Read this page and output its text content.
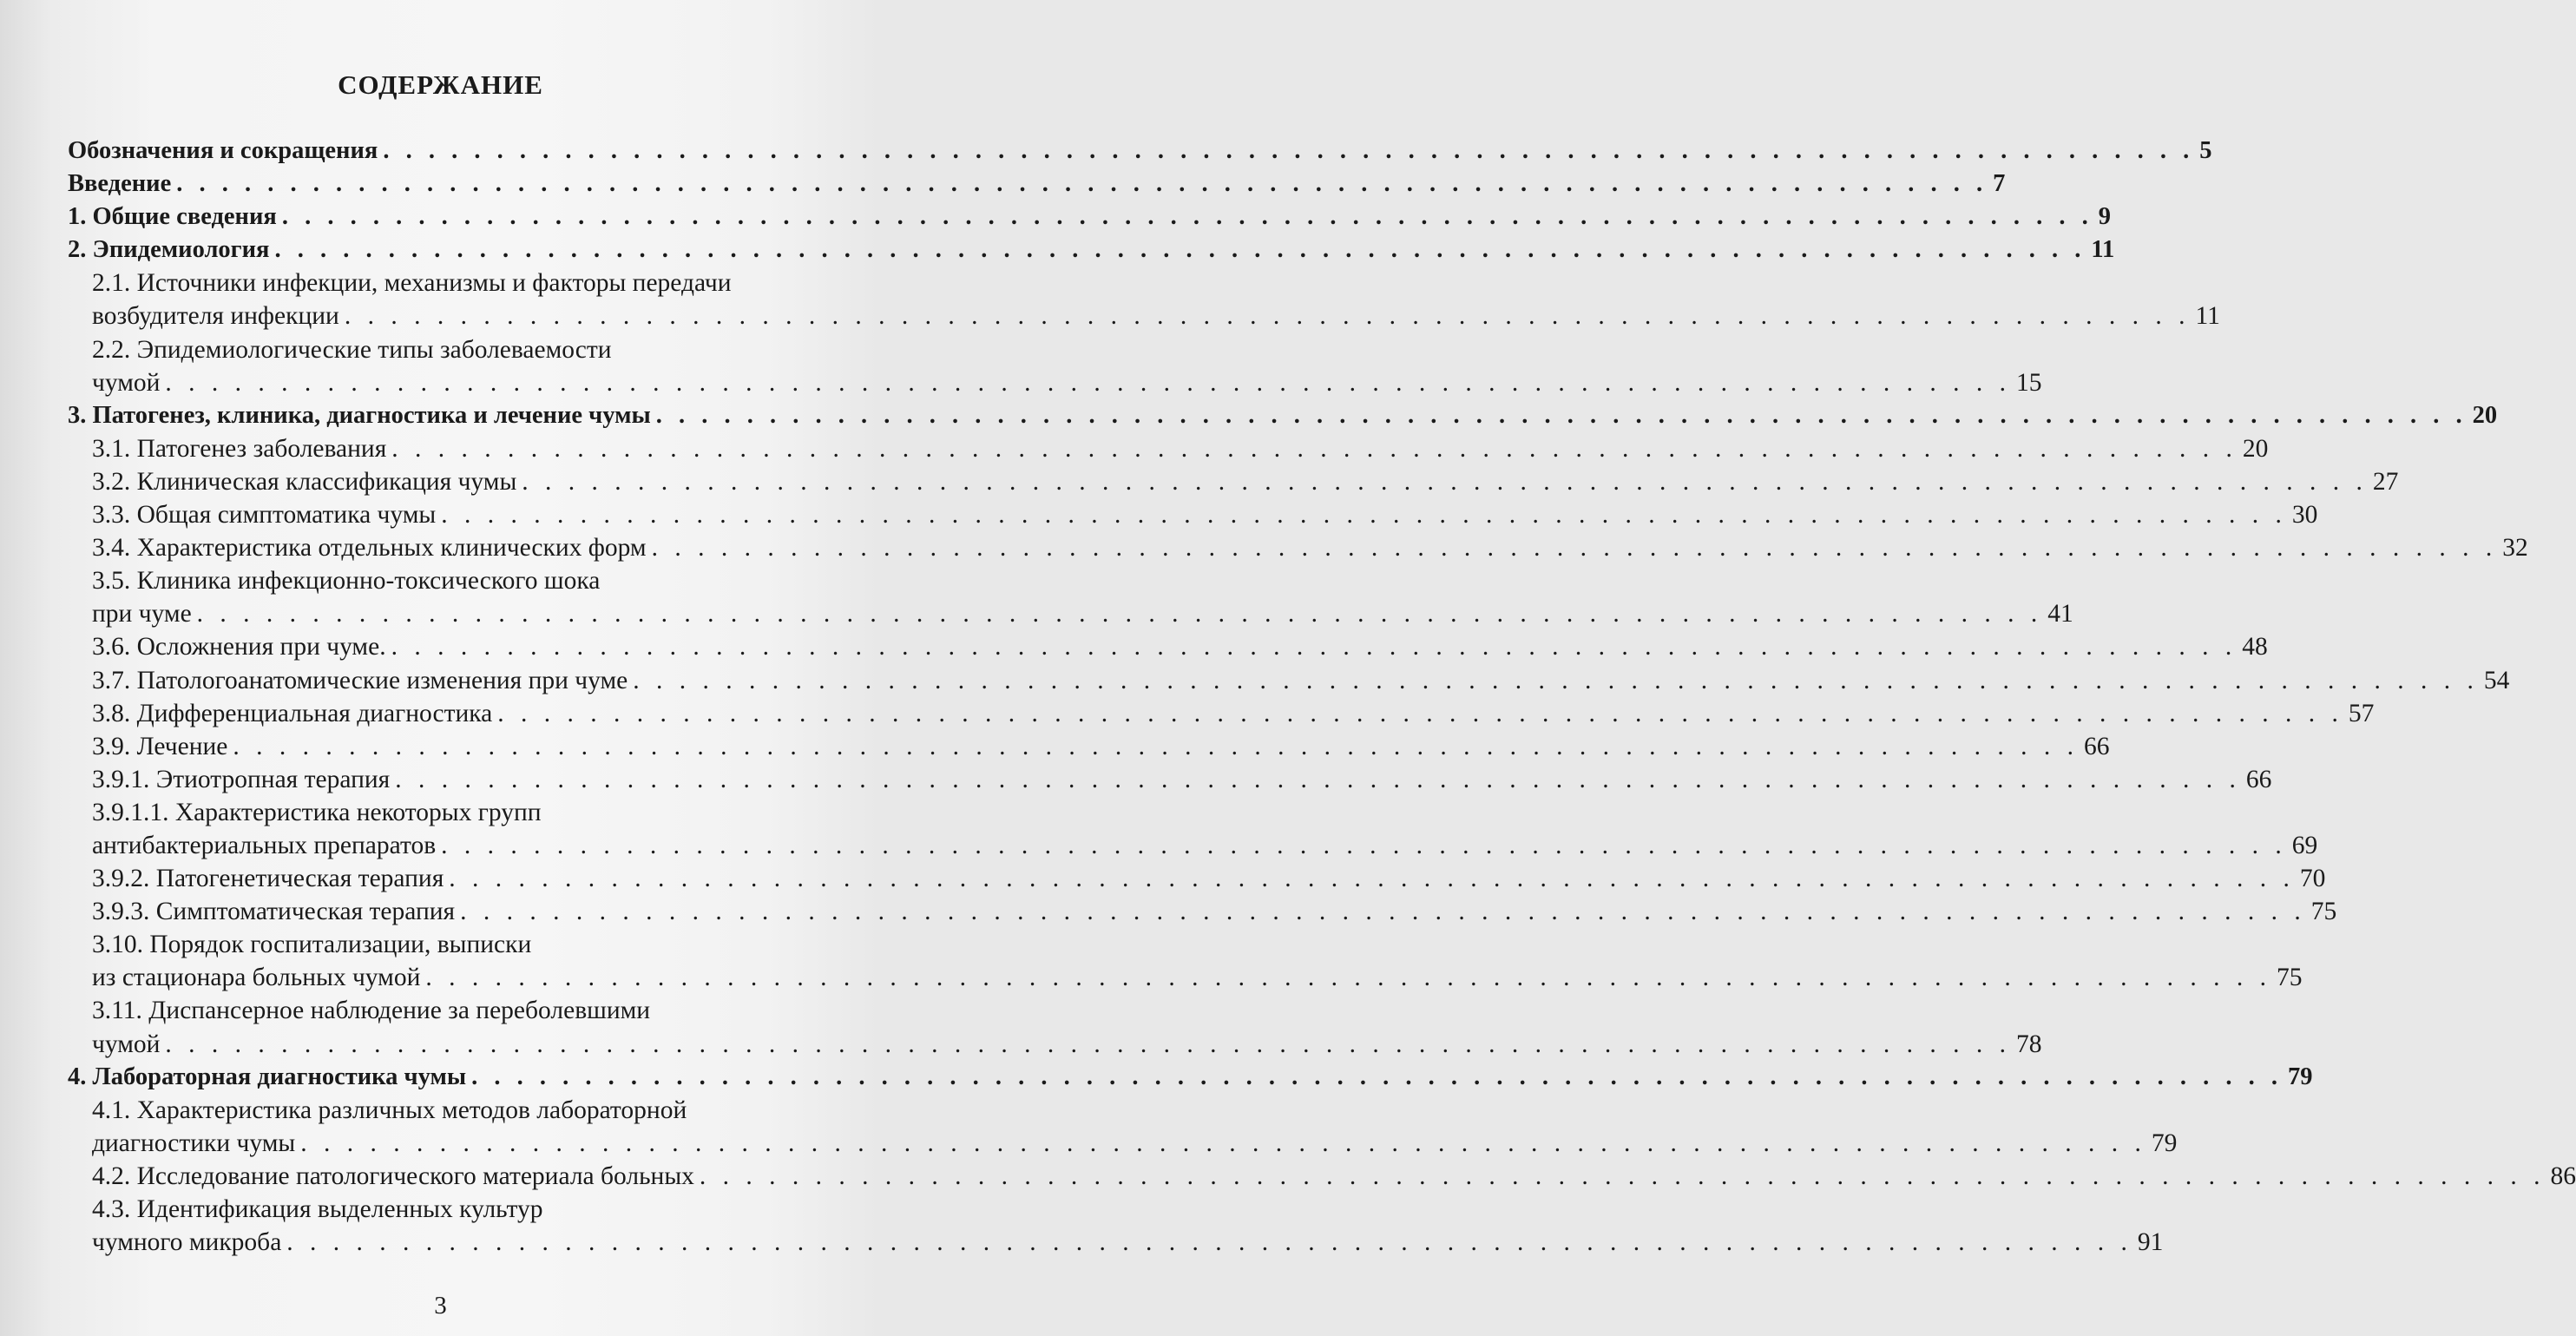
СОДЕРЖАНИЕ
Обозначения и сокращения . . . . . . . . . . . . . . . . . . . . . . . . . . . . . . . . . . . . . . . . . . . . . . . . . . . . . . . . . . . . . . . . . . . . . . . . . . . . . . . . 5
Введение . . . . . . . . . . . . . . . . . . . . . . . . . . . . . . . . . . . . . . . . . . . . . . . . . . . . . . . . . . . . . . . . . . . . . . . . . . . . . . . . 7
1. Общие сведения . . . . . . . . . . . . . . . . . . . . . . . . . . . . . . . . . . . . . . . . . . . . . . . . . . . . . . . . . . . . . . . . . . . . . . . . . . . . . . . . 9
2. Эпидемиология . . . . . . . . . . . . . . . . . . . . . . . . . . . . . . . . . . . . . . . . . . . . . . . . . . . . . . . . . . . . . . . . . . . . . . . . . . . . . . . . 11
2.1. Источники инфекции, механизмы и факторы передачи
возбудителя инфекции . . . . . . . . . . . . . . . . . . . . . . . . . . . . . . . . . . . . . . . . . . . . . . . . . . . . . . . . . . . . . . . . . . . . . . . . . . . . . . . . 11
2.2. Эпидемиологические типы заболеваемости
чумой . . . . . . . . . . . . . . . . . . . . . . . . . . . . . . . . . . . . . . . . . . . . . . . . . . . . . . . . . . . . . . . . . . . . . . . . . . . . . . . . 15
3. Патогенез, клиника, диагностика и лечение чумы . . . . . . . . . . . . . . . . . . . . . . . . . . . . . . . . . . . . . . . . . . . . . . . . . . . . . . . . . . . . . . . . . . . . . . . . . . . . . . . . 20
3.1. Патогенез заболевания . . . . . . . . . . . . . . . . . . . . . . . . . . . . . . . . . . . . . . . . . . . . . . . . . . . . . . . . . . . . . . . . . . . . . . . . . . . . . . . . 20
3.2. Клиническая классификация чумы . . . . . . . . . . . . . . . . . . . . . . . . . . . . . . . . . . . . . . . . . . . . . . . . . . . . . . . . . . . . . . . . . . . . . . . . . . . . . . . . 27
3.3. Общая симптоматика чумы . . . . . . . . . . . . . . . . . . . . . . . . . . . . . . . . . . . . . . . . . . . . . . . . . . . . . . . . . . . . . . . . . . . . . . . . . . . . . . . . 30
3.4. Характеристика отдельных клинических форм . . . . . . . . . . . . . . . . . . . . . . . . . . . . . . . . . . . . . . . . . . . . . . . . . . . . . . . . . . . . . . . . . . . . . . . . . . . . . . . . 32
3.5. Клиника инфекционно-токсического шока
при чуме . . . . . . . . . . . . . . . . . . . . . . . . . . . . . . . . . . . . . . . . . . . . . . . . . . . . . . . . . . . . . . . . . . . . . . . . . . . . . . . . 41
3.6. Осложнения при чуме. . . . . . . . . . . . . . . . . . . . . . . . . . . . . . . . . . . . . . . . . . . . . . . . . . . . . . . . . . . . . . . . . . . . . . . . . . . . . . . . . 48
3.7. Патологоанатомические изменения при чуме . . . . . . . . . . . . . . . . . . . . . . . . . . . . . . . . . . . . . . . . . . . . . . . . . . . . . . . . . . . . . . . . . . . . . . . . . . . . . . . . 54
3.8. Дифференциальная диагностика . . . . . . . . . . . . . . . . . . . . . . . . . . . . . . . . . . . . . . . . . . . . . . . . . . . . . . . . . . . . . . . . . . . . . . . . . . . . . . . . 57
3.9. Лечение . . . . . . . . . . . . . . . . . . . . . . . . . . . . . . . . . . . . . . . . . . . . . . . . . . . . . . . . . . . . . . . . . . . . . . . . . . . . . . . . 66
3.9.1. Этиотропная терапия . . . . . . . . . . . . . . . . . . . . . . . . . . . . . . . . . . . . . . . . . . . . . . . . . . . . . . . . . . . . . . . . . . . . . . . . . . . . . . . . 66
3.9.1.1. Характеристика некоторых групп
антибактериальных препаратов . . . . . . . . . . . . . . . . . . . . . . . . . . . . . . . . . . . . . . . . . . . . . . . . . . . . . . . . . . . . . . . . . . . . . . . . . . . . . . . . 69
3.9.2. Патогенетическая терапия . . . . . . . . . . . . . . . . . . . . . . . . . . . . . . . . . . . . . . . . . . . . . . . . . . . . . . . . . . . . . . . . . . . . . . . . . . . . . . . . 70
3.9.3. Симптоматическая терапия . . . . . . . . . . . . . . . . . . . . . . . . . . . . . . . . . . . . . . . . . . . . . . . . . . . . . . . . . . . . . . . . . . . . . . . . . . . . . . . . 75
3.10. Порядок госпитализации, выписки
из стационара больных чумой . . . . . . . . . . . . . . . . . . . . . . . . . . . . . . . . . . . . . . . . . . . . . . . . . . . . . . . . . . . . . . . . . . . . . . . . . . . . . . . . 75
3.11. Диспансерное наблюдение за переболевшими
чумой . . . . . . . . . . . . . . . . . . . . . . . . . . . . . . . . . . . . . . . . . . . . . . . . . . . . . . . . . . . . . . . . . . . . . . . . . . . . . . . . 78
4. Лабораторная диагностика чумы . . . . . . . . . . . . . . . . . . . . . . . . . . . . . . . . . . . . . . . . . . . . . . . . . . . . . . . . . . . . . . . . . . . . . . . . . . . . . . . . 79
4.1. Характеристика различных методов лабораторной
диагностики чумы . . . . . . . . . . . . . . . . . . . . . . . . . . . . . . . . . . . . . . . . . . . . . . . . . . . . . . . . . . . . . . . . . . . . . . . . . . . . . . . . 79
4.2. Исследование патологического материала больных . . . . . . . . . . . . . . . . . . . . . . . . . . . . . . . . . . . . . . . . . . . . . . . . . . . . . . . . . . . . . . . . . . . . . . . . . . . . . . . . 86
4.3. Идентификация выделенных культур
чумного микроба . . . . . . . . . . . . . . . . . . . . . . . . . . . . . . . . . . . . . . . . . . . . . . . . . . . . . . . . . . . . . . . . . . . . . . . . . . . . . . . . 91
3
